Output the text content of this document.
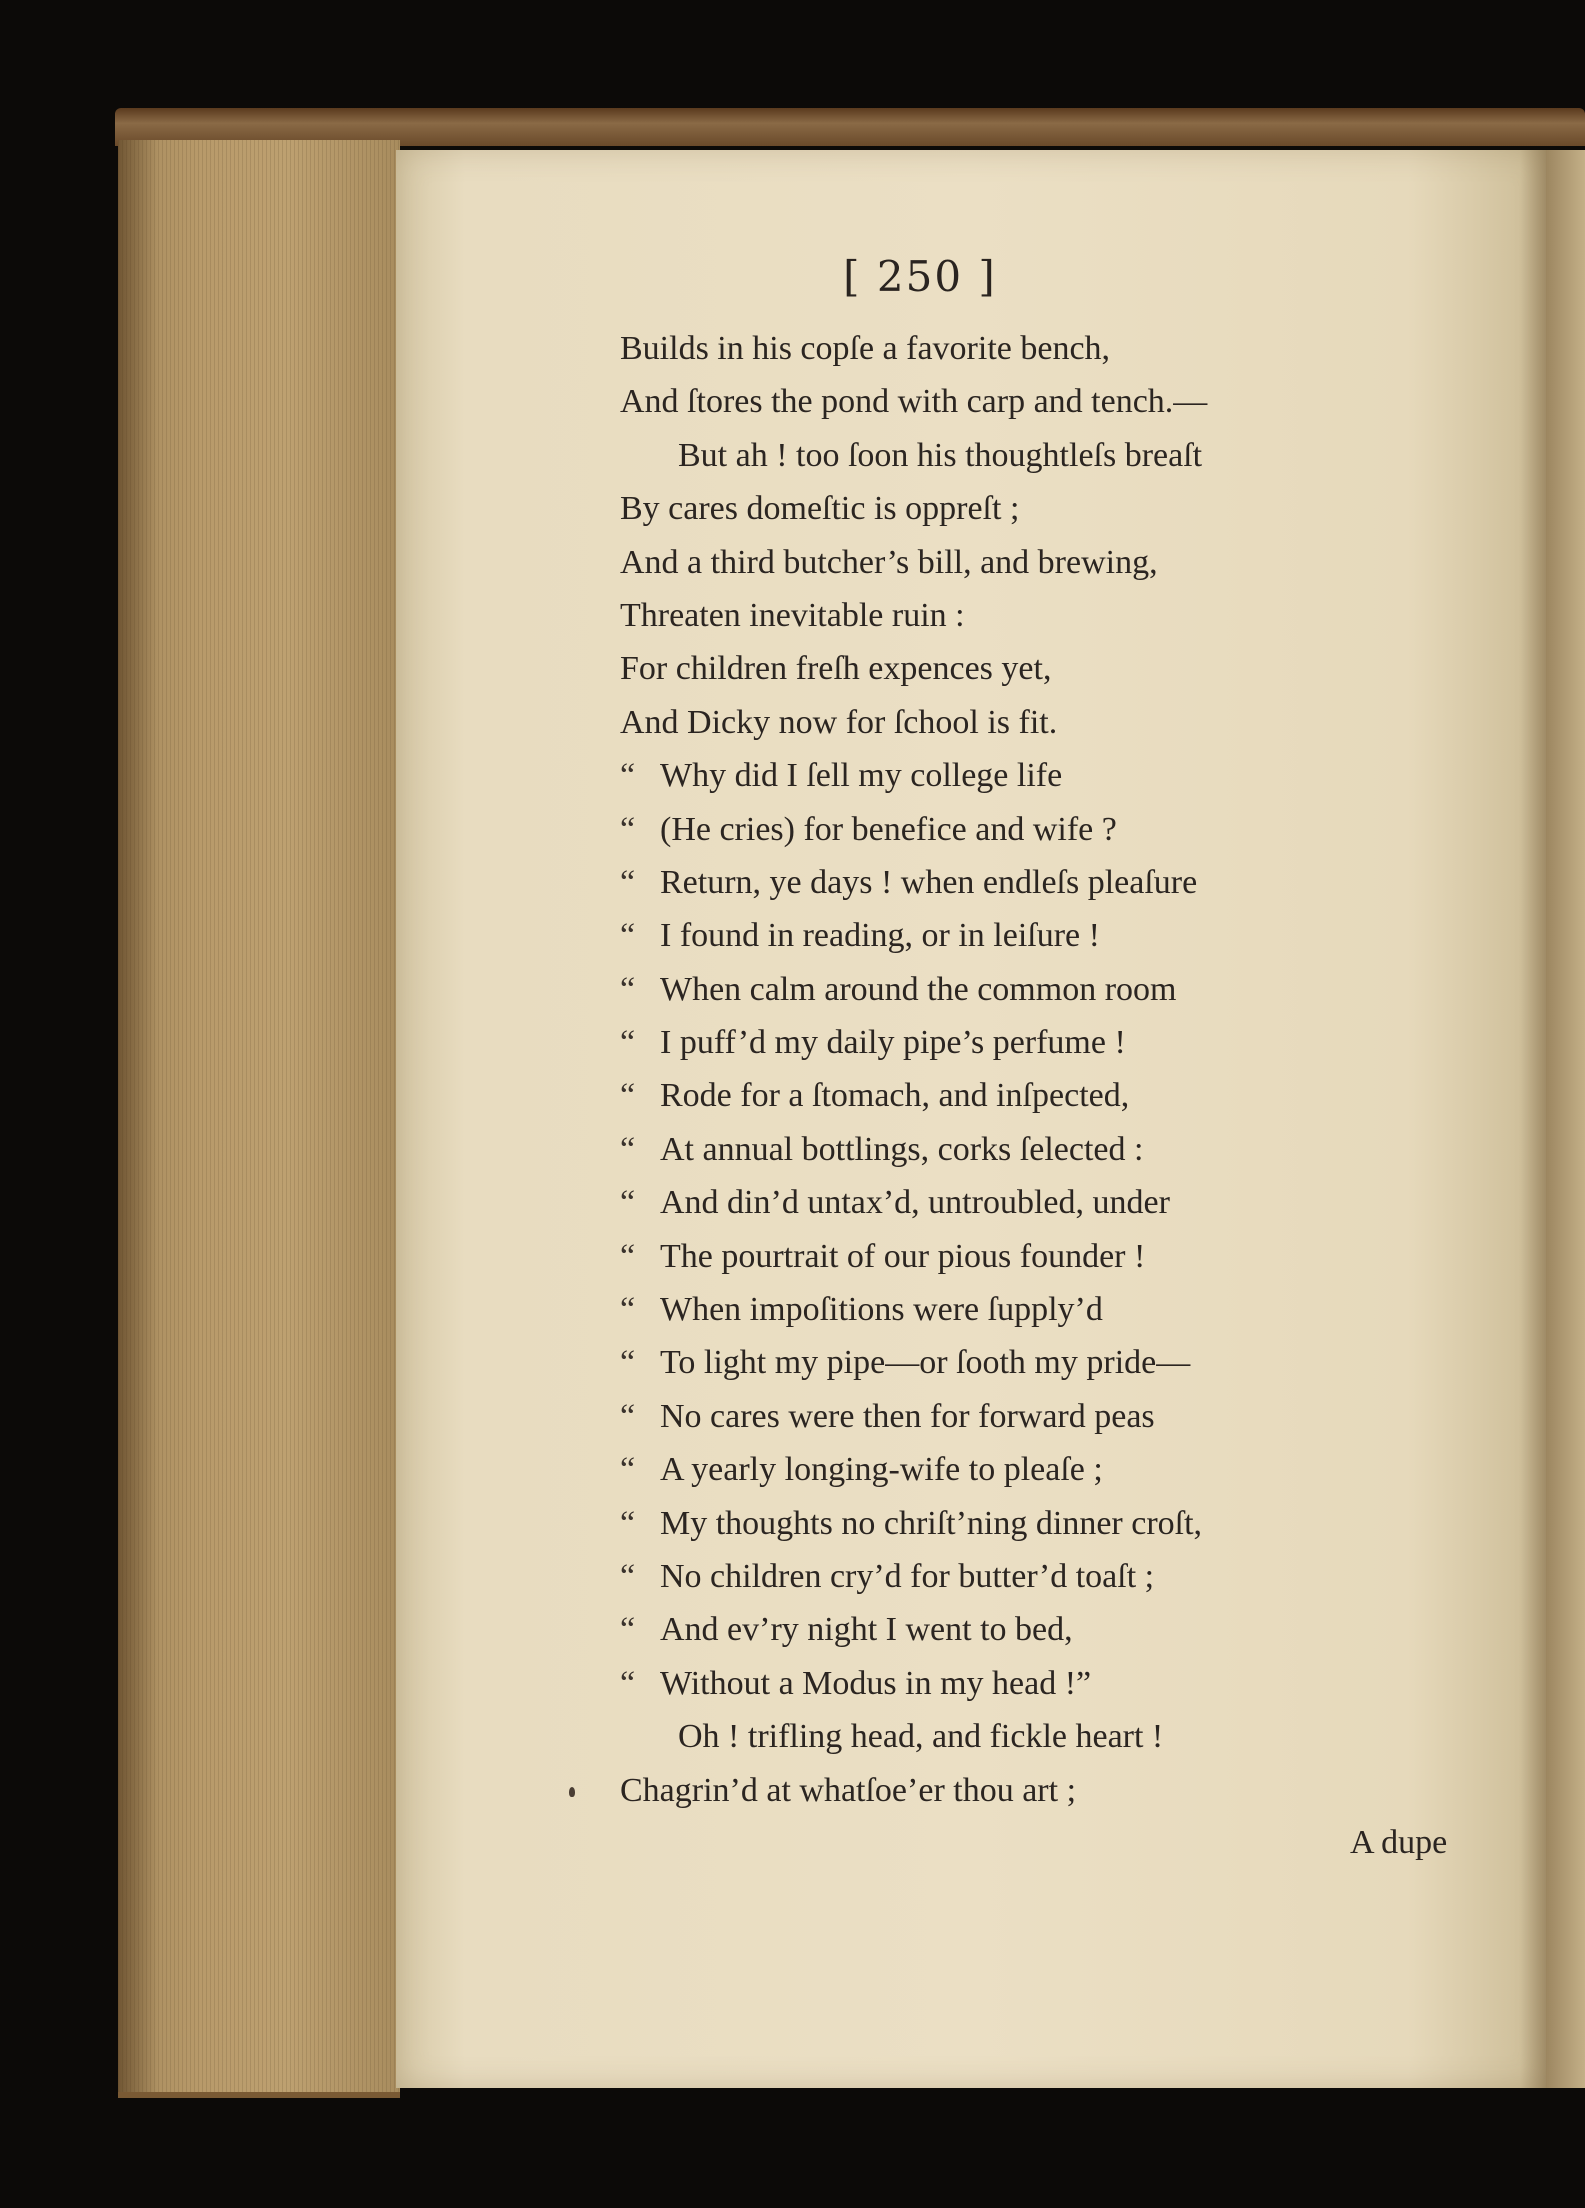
[ 250 ]
Builds in his copſe a favorite bench,
And ſtores the pond with carp and tench.—
But ah ! too ſoon his thoughtleſs breaſt
By cares domeſtic is oppreſt ;
And a third butcher’s bill, and brewing,
Threaten inevitable ruin :
For children freſh expences yet,
And Dicky now for ſchool is fit.
“ Why did I ſell my college life
“ (He cries) for benefice and wife ?
“ Return, ye days ! when endleſs pleaſure
“ I found in reading, or in leiſure !
“ When calm around the common room
“ I puff’d my daily pipe’s perfume !
“ Rode for a ſtomach, and inſpected,
“ At annual bottlings, corks ſelected :
“ And din’d untax’d, untroubled, under
“ The pourtrait of our pious founder !
“ When impoſitions were ſupply’d
“ To light my pipe—or ſooth my pride—
“ No cares were then for forward peas
“ A yearly longing-wife to pleaſe ;
“ My thoughts no chriſt’ning dinner croſt,
“ No children cry’d for butter’d toaſt ;
“ And ev’ry night I went to bed,
“ Without a Modus in my head !”
Oh ! trifling head, and fickle heart !
Chagrin’d at whatſoe’er thou art ;
A dupe
